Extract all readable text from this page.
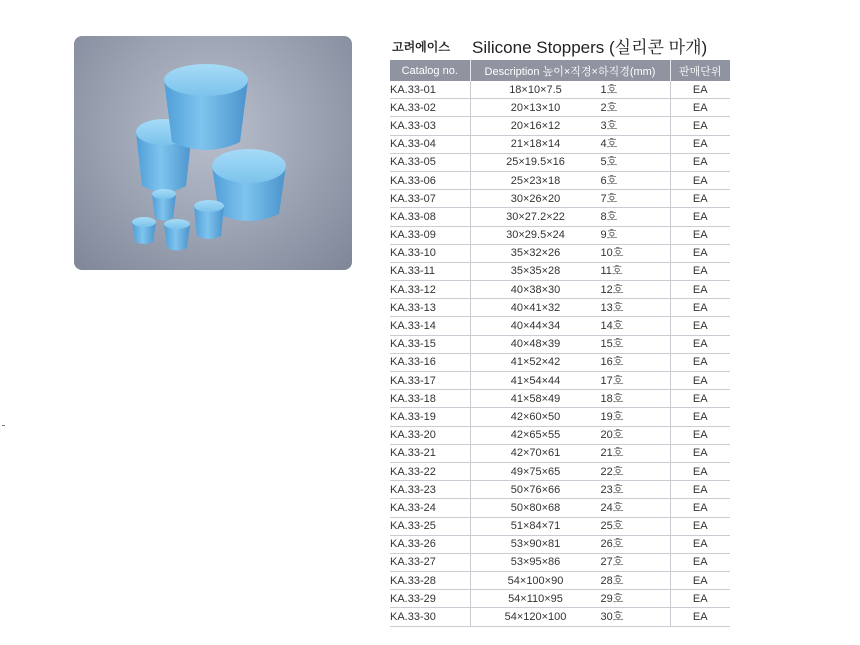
고려에이스 Silicone Stoppers (실리콘 마개)
Catalog no.	Description 높이×직경×하직경(mm)	판매단위
KA.33-01	18×10×7.5 1호	EA
KA.33-02	20×13×10 2호	EA
KA.33-03	20×16×12 3호	EA
KA.33-04	21×18×14 4호	EA
KA.33-05	25×19.5×16 5호	EA
KA.33-06	25×23×18 6호	EA
KA.33-07	30×26×20 7호	EA
KA.33-08	30×27.2×22 8호	EA
KA.33-09	30×29.5×24 9호	EA
KA.33-10	35×32×26 10호	EA
KA.33-11	35×35×28 11호	EA
KA.33-12	40×38×30 12호	EA
KA.33-13	40×41×32 13호	EA
KA.33-14	40×44×34 14호	EA
KA.33-15	40×48×39 15호	EA
KA.33-16	41×52×42 16호	EA
KA.33-17	41×54×44 17호	EA
KA.33-18	41×58×49 18호	EA
KA.33-19	42×60×50 19호	EA
KA.33-20	42×65×55 20호	EA
KA.33-21	42×70×61 21호	EA
KA.33-22	49×75×65 22호	EA
KA.33-23	50×76×66 23호	EA
KA.33-24	50×80×68 24호	EA
KA.33-25	51×84×71 25호	EA
KA.33-26	53×90×81 26호	EA
KA.33-27	53×95×86 27호	EA
KA.33-28	54×100×90 28호	EA
KA.33-29	54×110×95 29호	EA
KA.33-30	54×120×100 30호	EA
